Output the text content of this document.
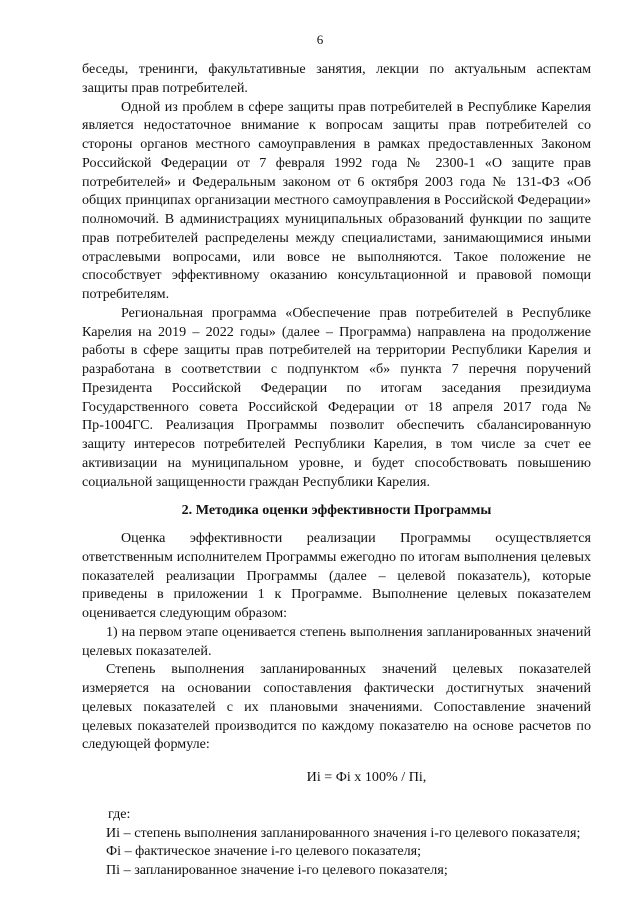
6

беседы, тренинги, факультативные занятия, лекции по актуальным аспектам защиты прав потребителей.

Одной из проблем в сфере защиты прав потребителей в Республике Карелия является недостаточное внимание к вопросам защиты прав потребителей со стороны органов местного самоуправления в рамках предоставленных Законом Российской Федерации от 7 февраля 1992 года № 2300-1 «О защите прав потребителей» и Федеральным законом от 6 октября 2003 года № 131-ФЗ «Об общих принципах организации местного самоуправления в Российской Федерации» полномочий. В администрациях муниципальных образований функции по защите прав потребителей распределены между специалистами, занимающимися иными отраслевыми вопросами, или вовсе не выполняются. Такое положение не способствует эффективному оказанию консультационной и правовой помощи потребителям.

Региональная программа «Обеспечение прав потребителей в Республике Карелия на 2019 – 2022 годы» (далее – Программа) направлена на продолжение работы в сфере защиты прав потребителей на территории Республики Карелия и разработана в соответствии с подпунктом «б» пункта 7 перечня поручений Президента Российской Федерации по итогам заседания президиума Государственного совета Российской Федерации от 18 апреля 2017 года № Пр-1004ГС. Реализация Программы позволит обеспечить сбалансированную защиту интересов потребителей Республики Карелия, в том числе за счет ее активизации на муниципальном уровне, и будет способствовать повышению социальной защищенности граждан Республики Карелия.

2. Методика оценки эффективности Программы

Оценка эффективности реализации Программы осуществляется ответственным исполнителем Программы ежегодно по итогам выполнения целевых показателей реализации Программы (далее – целевой показатель), которые приведены в приложении 1 к Программе. Выполнение целевых показателем оценивается следующим образом:

1) на первом этапе оценивается степень выполнения запланированных значений целевых показателей.

Степень выполнения запланированных значений целевых показателей измеряется на основании сопоставления фактически достигнутых значений целевых показателей с их плановыми значениями. Сопоставление значений целевых показателей производится по каждому показателю на основе расчетов по следующей формуле:

Иi = Фi х 100% / Пi,

где:

Иi – степень выполнения запланированного значения i-го целевого показателя;

Фi – фактическое значение i-го целевого показателя;

Пi – запланированное значение i-го целевого показателя;
